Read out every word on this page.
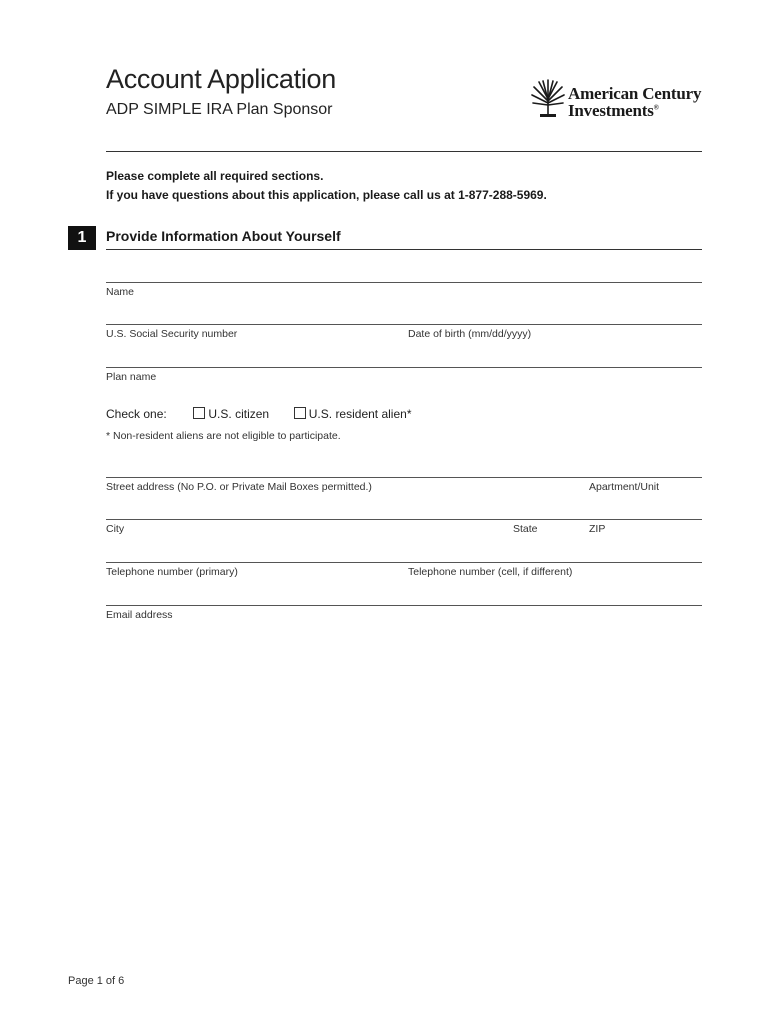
Account Application
ADP SIMPLE IRA Plan Sponsor
American Century
Investments®
Please complete all required sections.
If you have questions about this application, please call us at 1-877-288-5969.
1	Provide Information About Yourself
Name
U.S. Social Security number	Date of birth (mm/dd/yyyy)
Plan name
Check one:	U.S. citizen	U.S. resident alien*
* Non-resident aliens are not eligible to participate.
Street address (No P.O. or Private Mail Boxes permitted.)	Apartment/Unit
City	State	ZIP
Telephone number (primary)	Telephone number (cell, if different)
Email address
Page 1 of 6
